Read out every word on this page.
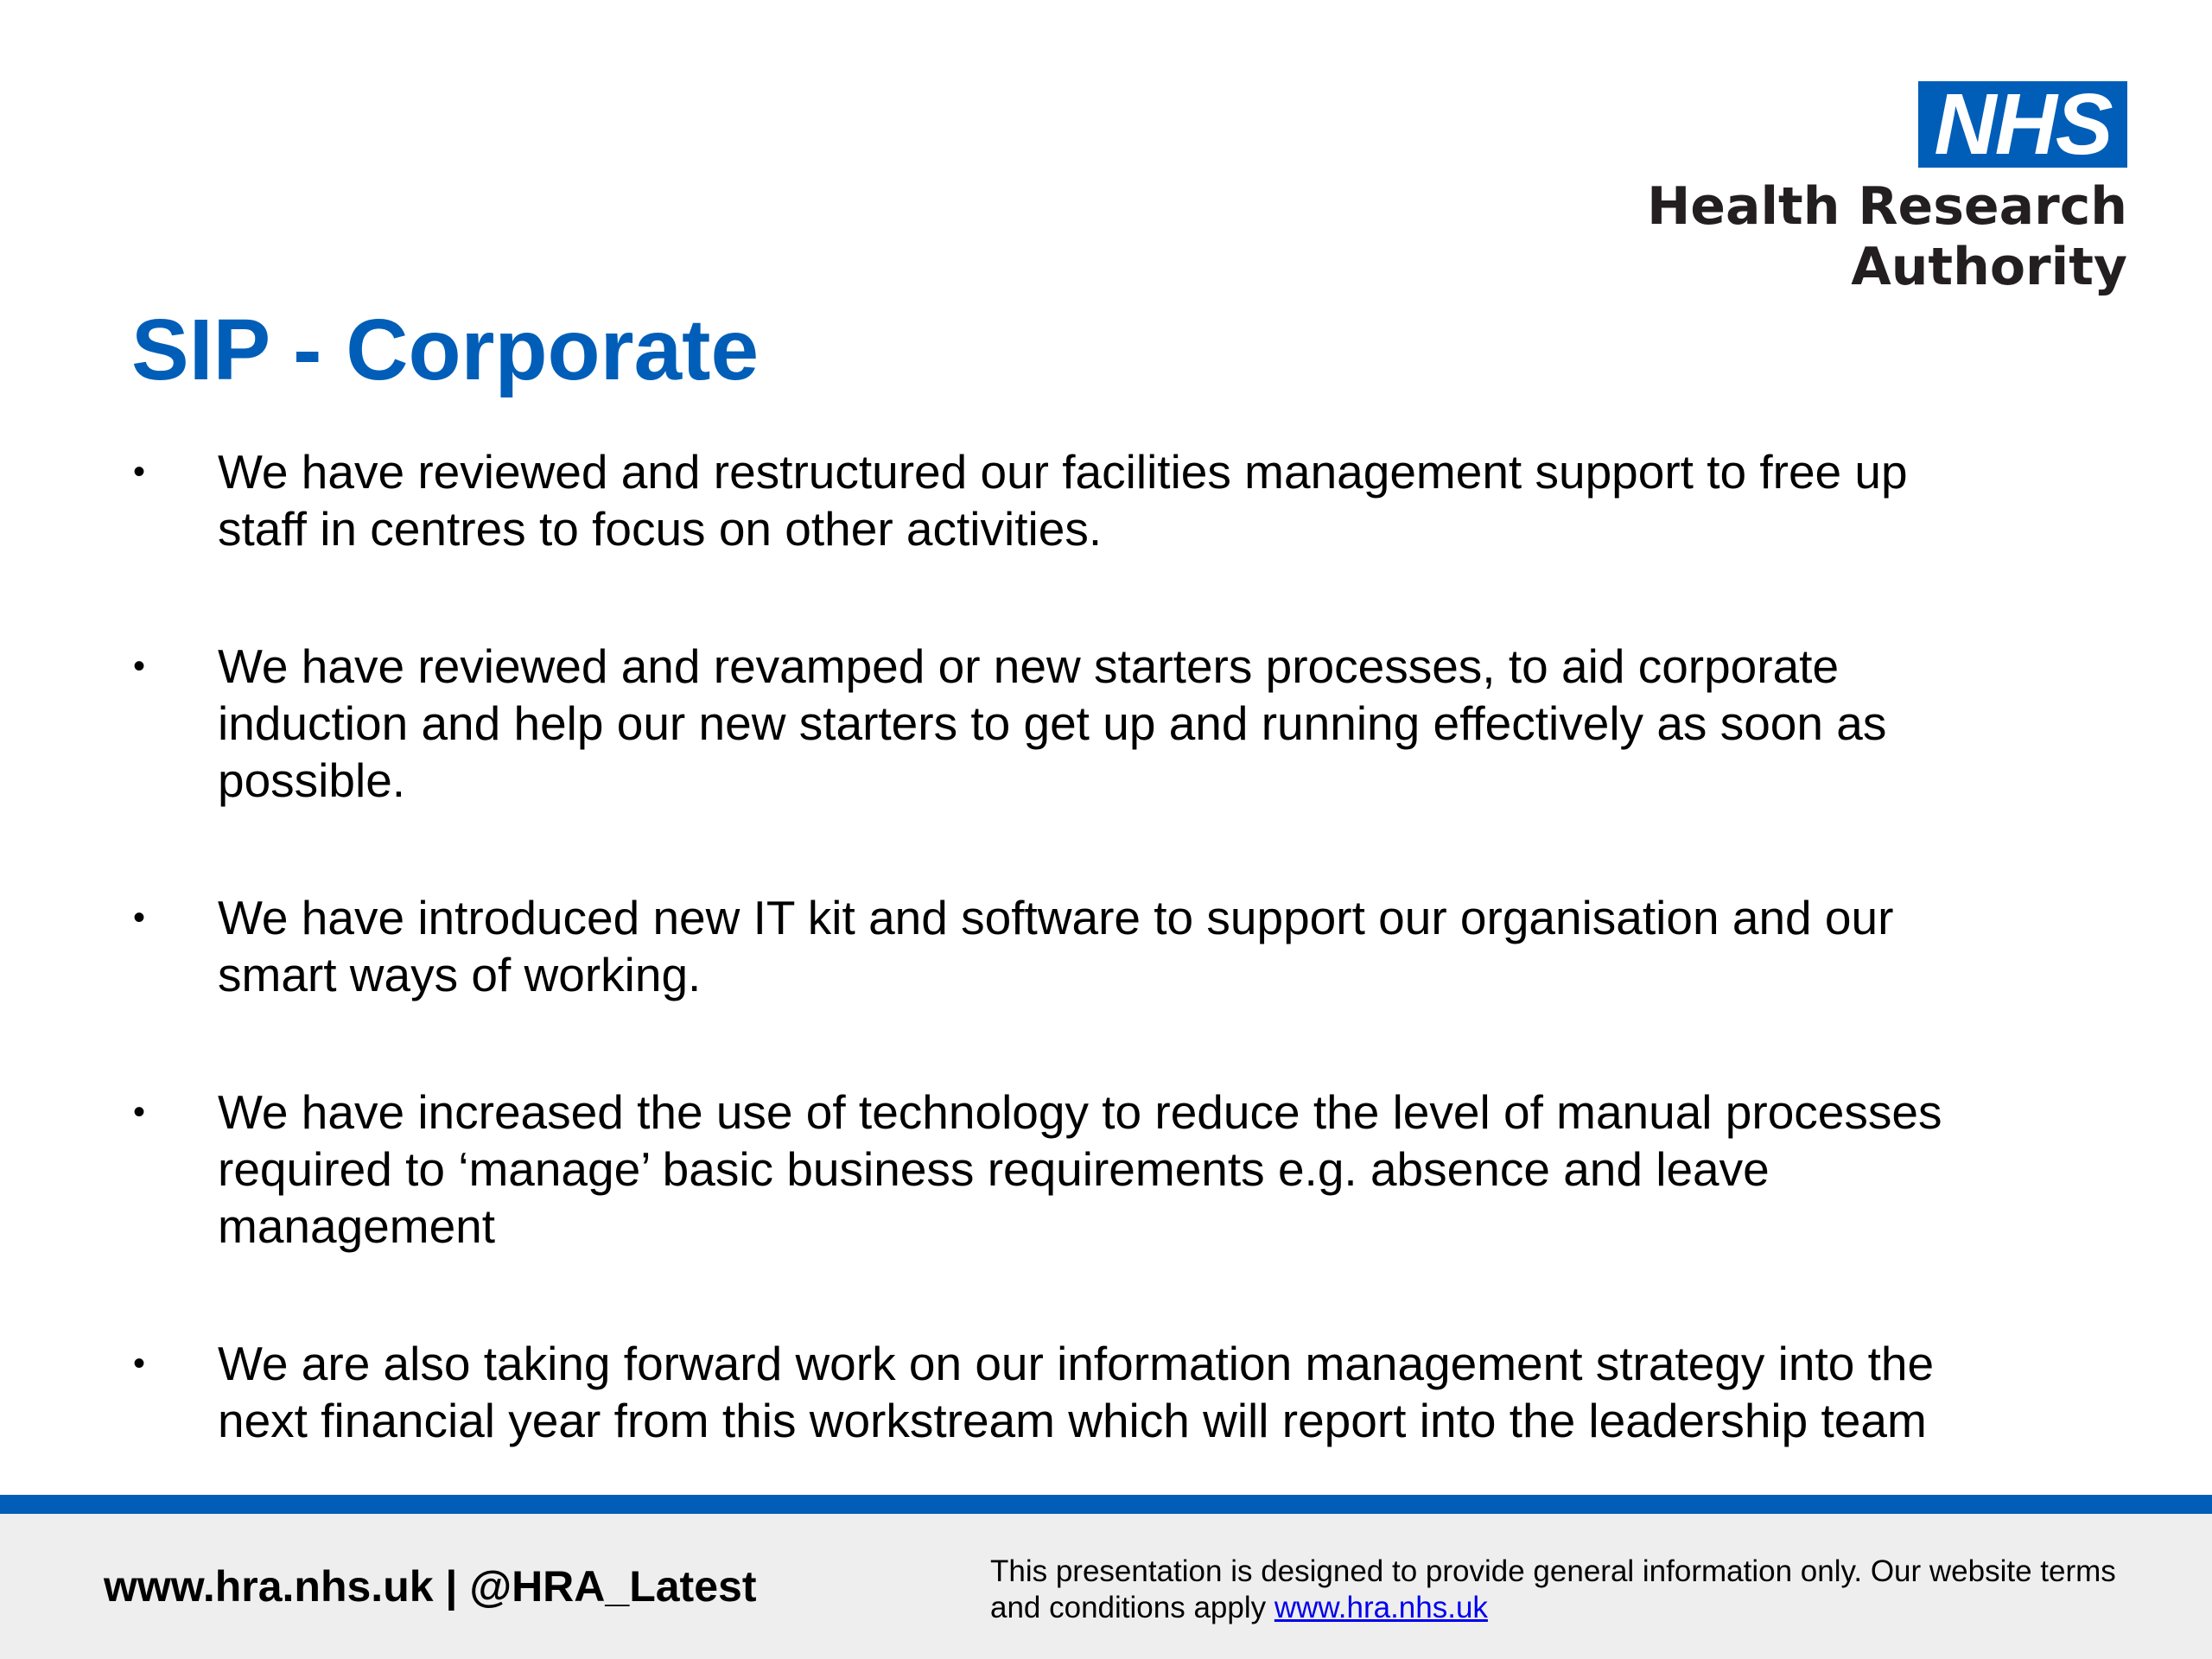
NHS
Health Research
Authority
SIP - Corporate
•	We have reviewed and restructured our facilities management support to free up staff in centres to focus on other activities.
•	We have reviewed and revamped or new starters processes, to aid corporate induction and help our new starters to get up and running effectively as soon as possible.
•	We have introduced new IT kit and software to support our organisation and our smart ways of working.
•	We have increased the use of technology to reduce the level of manual processes required to ‘manage’ basic business requirements e.g. absence and leave management
•	We are also taking forward work on our information management strategy into the next financial year from this workstream which will report into the leadership team
www.hra.nhs.uk | @HRA_Latest	This presentation is designed to provide general information only. Our website terms and conditions apply www.hra.nhs.uk
